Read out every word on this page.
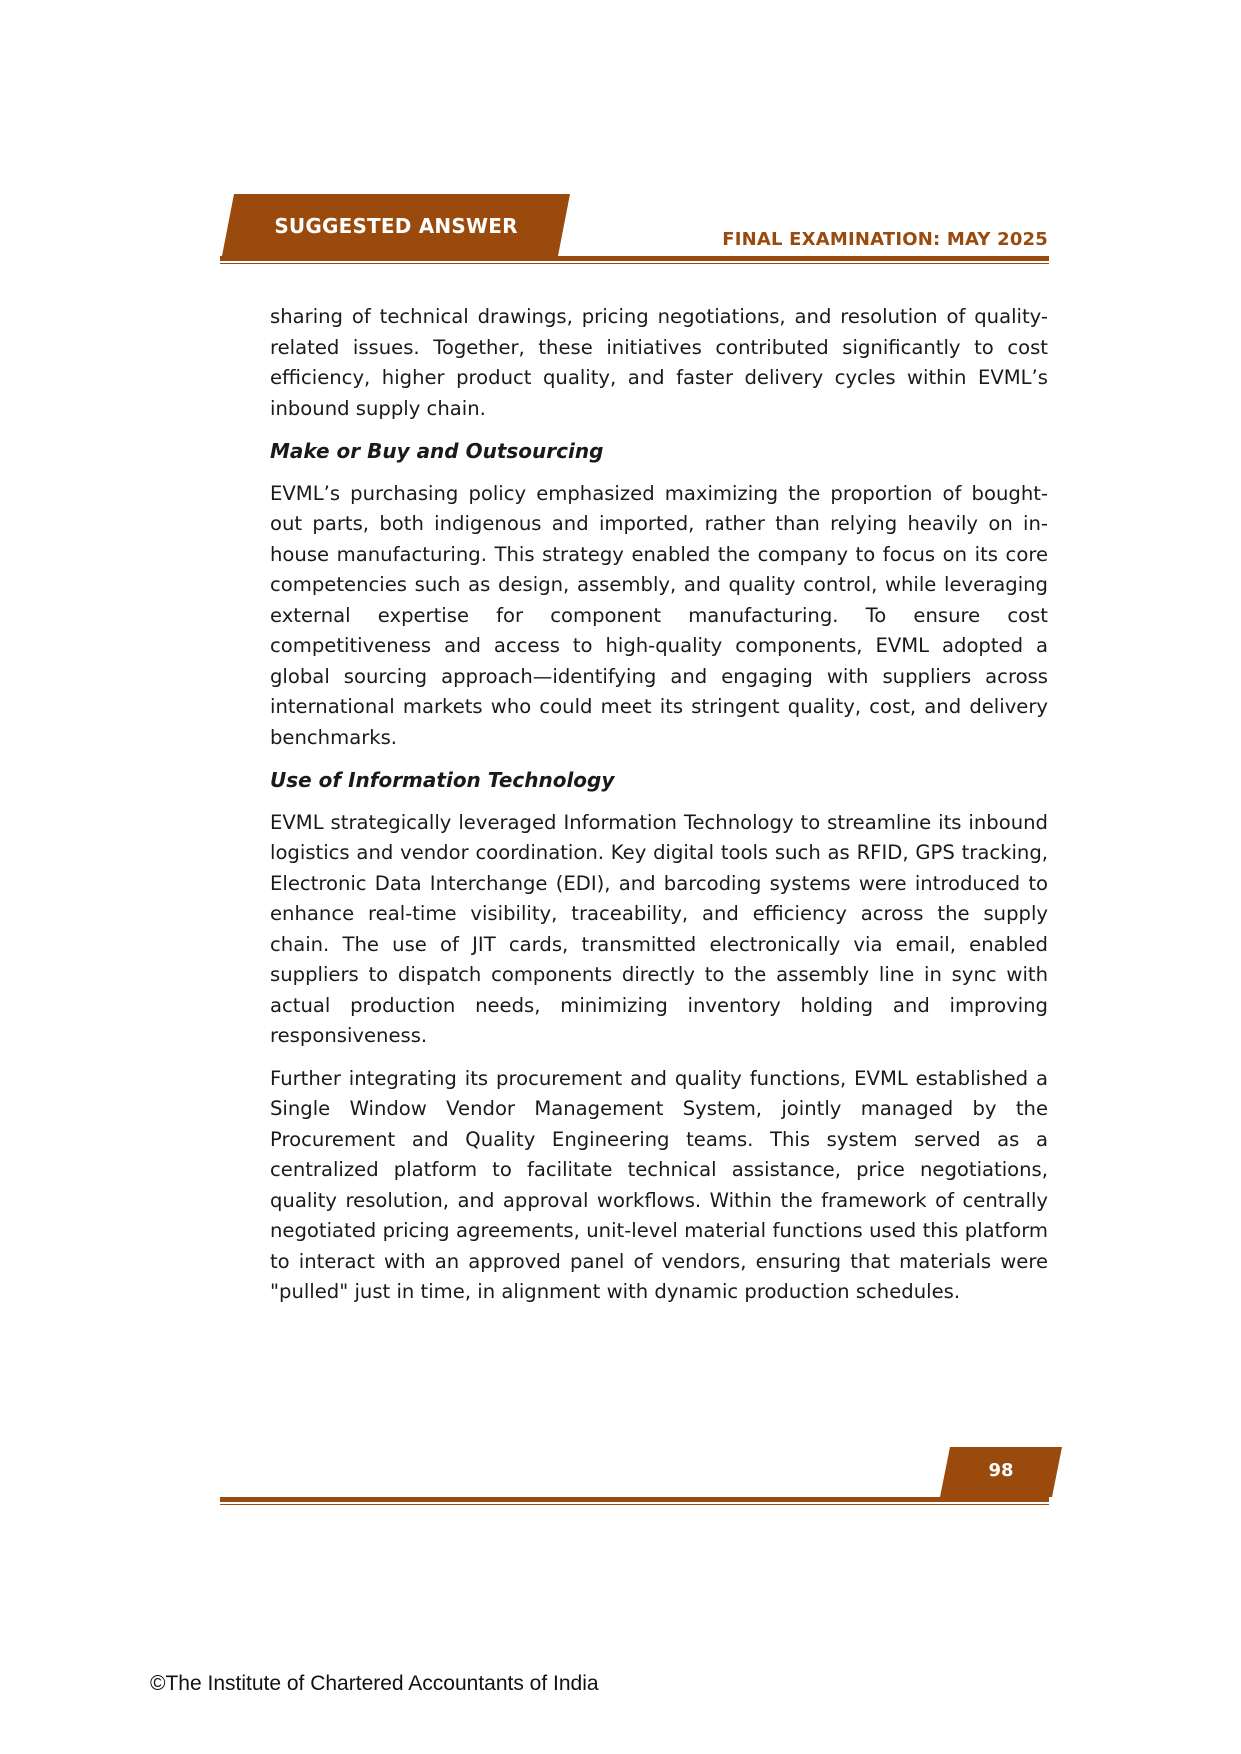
SUGGESTED ANSWER
FINAL EXAMINATION: MAY 2025

sharing of technical drawings, pricing negotiations, and resolution of quality-related issues. Together, these initiatives contributed significantly to cost efficiency, higher product quality, and faster delivery cycles within EVML’s inbound supply chain.

Make or Buy and Outsourcing

EVML’s purchasing policy emphasized maximizing the proportion of bought-out parts, both indigenous and imported, rather than relying heavily on in-house manufacturing. This strategy enabled the company to focus on its core competencies such as design, assembly, and quality control, while leveraging external expertise for component manufacturing. To ensure cost competitiveness and access to high-quality components, EVML adopted a global sourcing approach—identifying and engaging with suppliers across international markets who could meet its stringent quality, cost, and delivery benchmarks.

Use of Information Technology

EVML strategically leveraged Information Technology to streamline its inbound logistics and vendor coordination. Key digital tools such as RFID, GPS tracking, Electronic Data Interchange (EDI), and barcoding systems were introduced to enhance real-time visibility, traceability, and efficiency across the supply chain. The use of JIT cards, transmitted electronically via email, enabled suppliers to dispatch components directly to the assembly line in sync with actual production needs, minimizing inventory holding and improving responsiveness.

Further integrating its procurement and quality functions, EVML established a Single Window Vendor Management System, jointly managed by the Procurement and Quality Engineering teams. This system served as a centralized platform to facilitate technical assistance, price negotiations, quality resolution, and approval workflows. Within the framework of centrally negotiated pricing agreements, unit-level material functions used this platform to interact with an approved panel of vendors, ensuring that materials were "pulled" just in time, in alignment with dynamic production schedules.

98
©The Institute of Chartered Accountants of India
